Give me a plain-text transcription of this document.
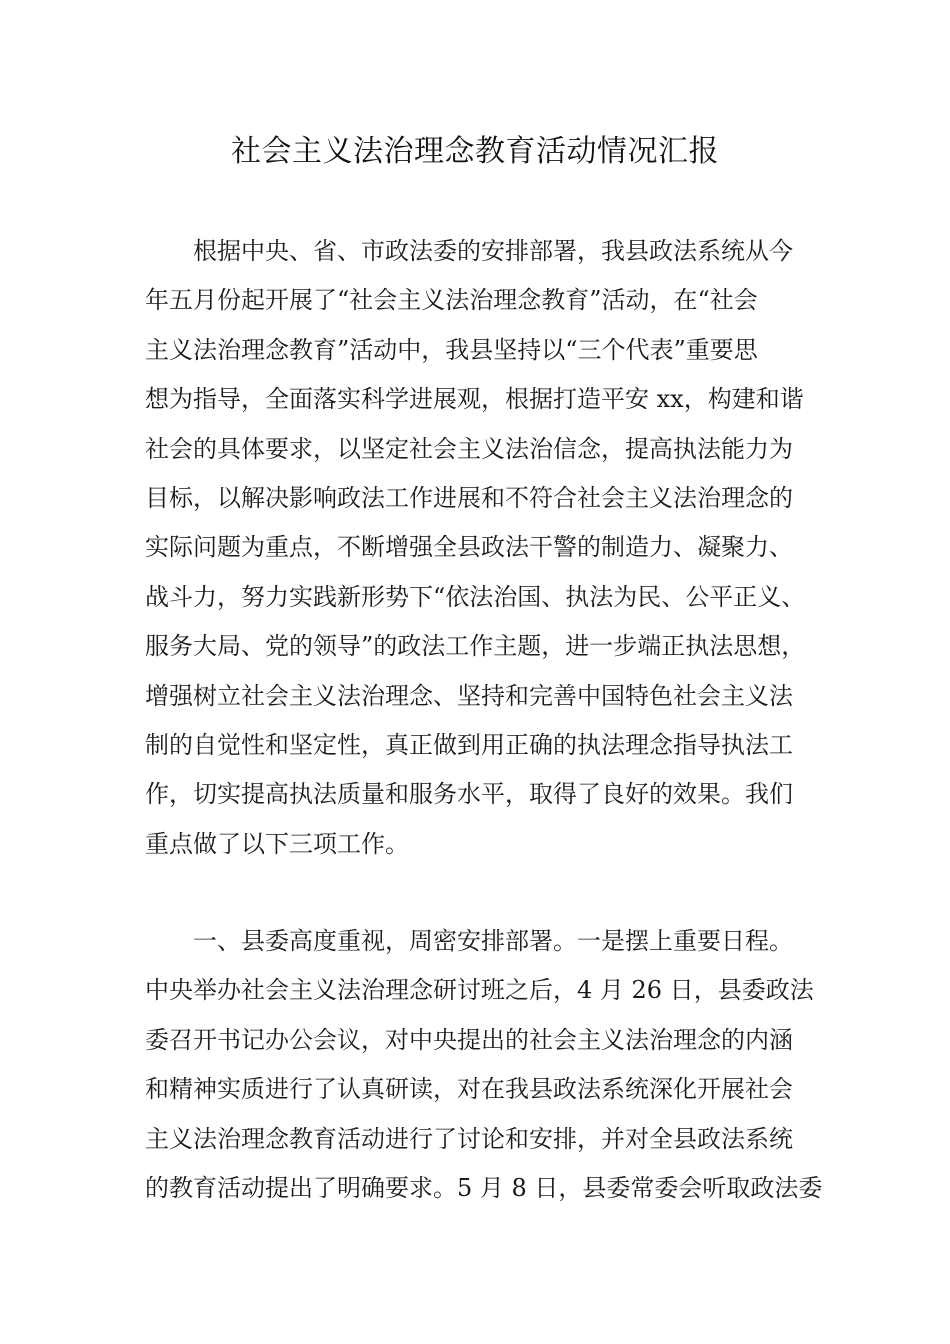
社会主义法治理念教育活动情况汇报
根据中央、省、市政法委的安排部署，我县政法系统从今
年五月份起开展了“社会主义法治理念教育”活动，在“社会
主义法治理念教育”活动中，我县坚持以“三个代表”重要思
想为指导，全面落实科学进展观，根据打造平安 xx，构建和谐
社会的具体要求，以坚定社会主义法治信念，提高执法能力为
目标，以解决影响政法工作进展和不符合社会主义法治理念的
实际问题为重点，不断增强全县政法干警的制造力、凝聚力、
战斗力，努力实践新形势下“依法治国、执法为民、公平正义、
服务大局、党的领导”的政法工作主题，进一步端正执法思想，
增强树立社会主义法治理念、坚持和完善中国特色社会主义法
制的自觉性和坚定性，真正做到用正确的执法理念指导执法工
作，切实提高执法质量和服务水平，取得了良好的效果。我们
重点做了以下三项工作。
一、县委高度重视，周密安排部署。一是摆上重要日程。
中央举办社会主义法治理念研讨班之后，4 月 26 日，县委政法
委召开书记办公会议，对中央提出的社会主义法治理念的内涵
和精神实质进行了认真研读，对在我县政法系统深化开展社会
主义法治理念教育活动进行了讨论和安排，并对全县政法系统
的教育活动提出了明确要求。5 月 8 日，县委常委会听取政法委
